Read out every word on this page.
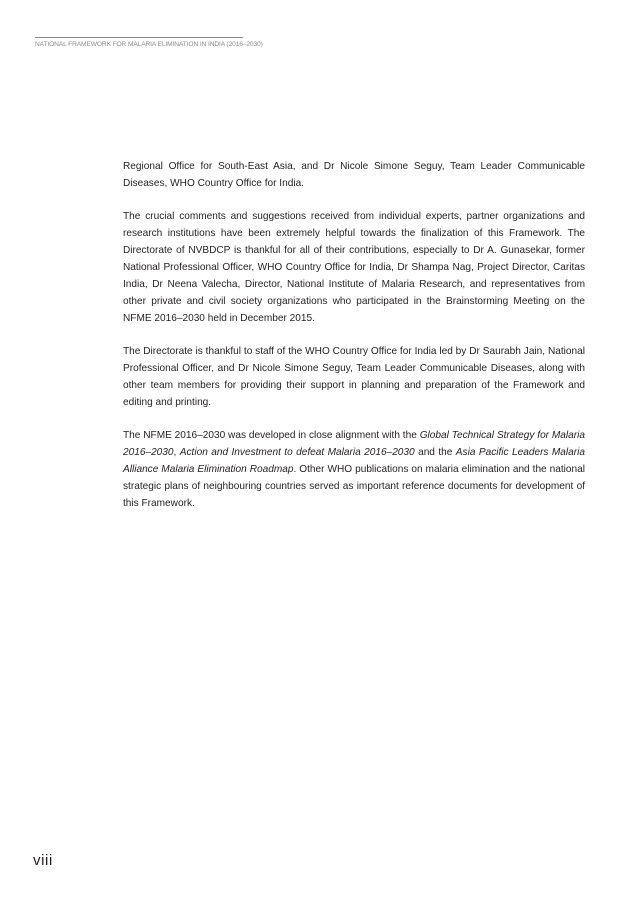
NATIONAL FRAMEWORK FOR MALARIA ELIMINATION IN INDIA (2016–2030)

Regional Office for South-East Asia, and Dr Nicole Simone Seguy, Team Leader Communicable Diseases, WHO Country Office for India.

The crucial comments and suggestions received from individual experts, partner organizations and research institutions have been extremely helpful towards the finalization of this Framework. The Directorate of NVBDCP is thankful for all of their contributions, especially to Dr A. Gunasekar, former National Professional Officer, WHO Country Office for India, Dr Shampa Nag, Project Director, Caritas India, Dr Neena Valecha, Director, National Institute of Malaria Research, and representatives from other private and civil society organizations who participated in the Brainstorming Meeting on the NFME 2016–2030 held in December 2015.

The Directorate is thankful to staff of the WHO Country Office for India led by Dr Saurabh Jain, National Professional Officer, and Dr Nicole Simone Seguy, Team Leader Communicable Diseases, along with other team members for providing their support in planning and preparation of the Framework and editing and printing.

The NFME 2016–2030 was developed in close alignment with the Global Technical Strategy for Malaria 2016–2030, Action and Investment to defeat Malaria 2016–2030 and the Asia Pacific Leaders Malaria Alliance Malaria Elimination Roadmap. Other WHO publications on malaria elimination and the national strategic plans of neighbouring countries served as important reference documents for development of this Framework.

viii
